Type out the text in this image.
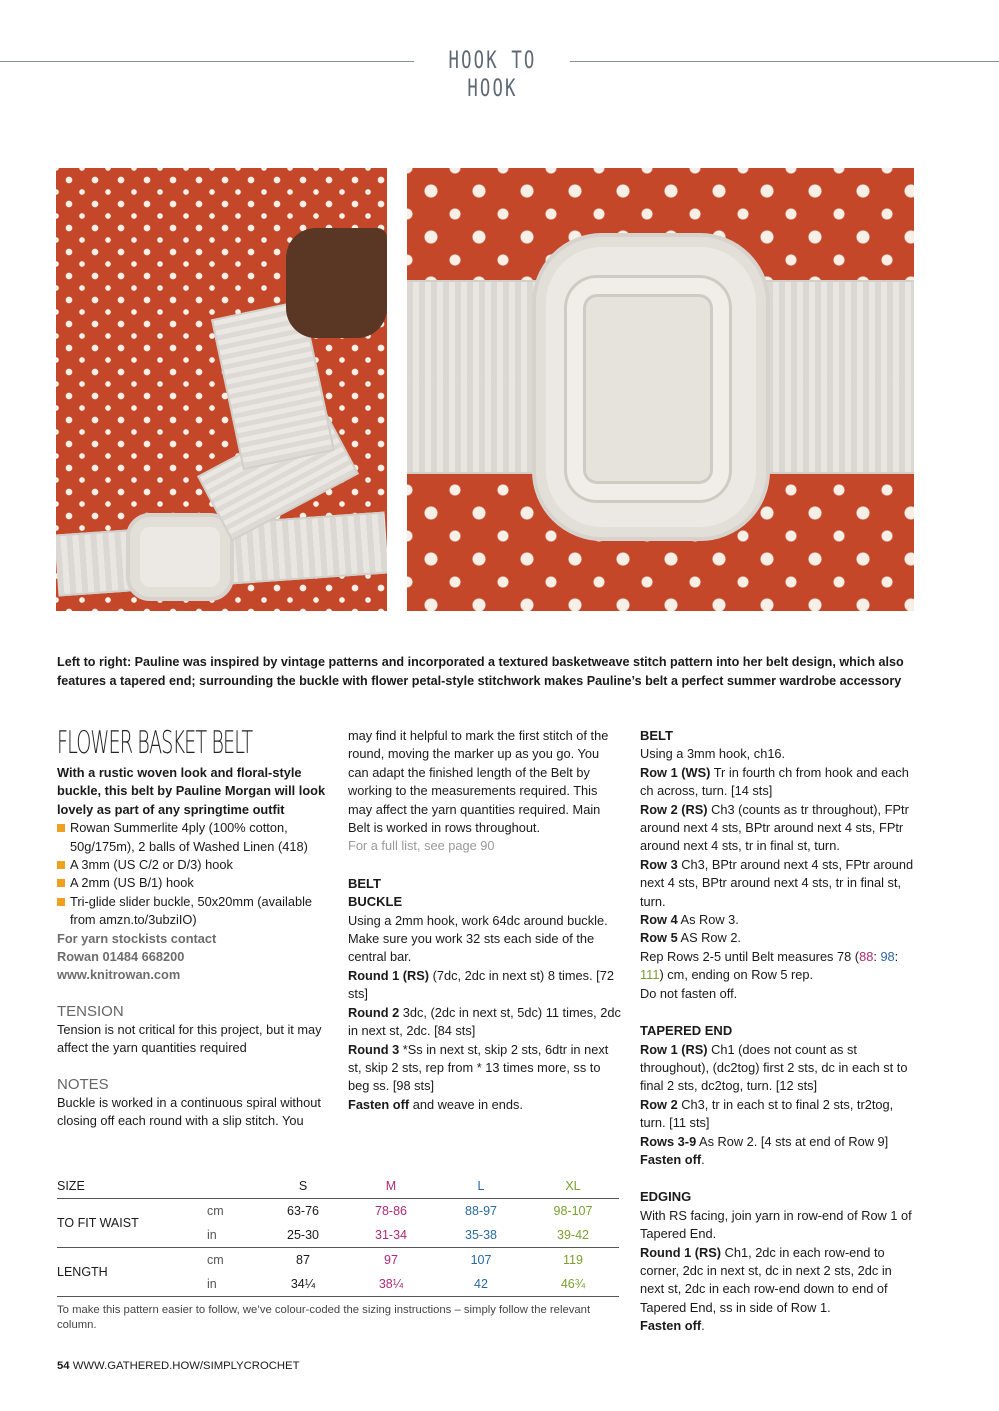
HOOK TO HOOK
Left to right: Pauline was inspired by vintage patterns and incorporated a textured basketweave stitch pattern into her belt design, which also features a tapered end; surrounding the buckle with flower petal-style stitchwork makes Pauline’s belt a perfect summer wardrobe accessory
FLOWER BASKET BELT
With a rustic woven look and floral-style buckle, this belt by Pauline Morgan will look lovely as part of any springtime outfit
Rowan Summerlite 4ply (100% cotton, 50g/175m), 2 balls of Washed Linen (418)
A 3mm (US C/2 or D/3) hook
A 2mm (US B/1) hook
Tri-glide slider buckle, 50x20mm (available from amzn.to/3ubziIO)
For yarn stockists contact
Rowan 01484 668200
www.knitrowan.com
TENSION
Tension is not critical for this project, but it may affect the yarn quantities required
NOTES
Buckle is worked in a continuous spiral without closing off each round with a slip stitch. You
may find it helpful to mark the first stitch of the round, moving the marker up as you go. You can adapt the finished length of the Belt by working to the measurements required. This may affect the yarn quantities required. Main Belt is worked in rows throughout.
For a full list, see page 90
BELT
BUCKLE
Using a 2mm hook, work 64dc around buckle. Make sure you work 32 sts each side of the central bar.
Round 1 (RS) (7dc, 2dc in next st) 8 times. [72 sts]
Round 2 3dc, (2dc in next st, 5dc) 11 times, 2dc in next st, 2dc. [84 sts]
Round 3 *Ss in next st, skip 2 sts, 6dtr in next st, skip 2 sts, rep from * 13 times more, ss to beg ss. [98 sts]
Fasten off and weave in ends.
BELT
Using a 3mm hook, ch16.
Row 1 (WS) Tr in fourth ch from hook and each ch across, turn. [14 sts]
Row 2 (RS) Ch3 (counts as tr throughout), FPtr around next 4 sts, BPtr around next 4 sts, FPtr around next 4 sts, tr in final st, turn.
Row 3 Ch3, BPtr around next 4 sts, FPtr around next 4 sts, BPtr around next 4 sts, tr in final st, turn.
Row 4 As Row 3.
Row 5 AS Row 2.
Rep Rows 2-5 until Belt measures 78 (88: 98: 111) cm, ending on Row 5 rep.
Do not fasten off.
TAPERED END
Row 1 (RS) Ch1 (does not count as st throughout), (dc2tog) first 2 sts, dc in each st to final 2 sts, dc2tog, turn. [12 sts]
Row 2 Ch3, tr in each st to final 2 sts, tr2tog, turn. [11 sts]
Rows 3-9 As Row 2. [4 sts at end of Row 9]
Fasten off.
EDGING
With RS facing, join yarn in row-end of Row 1 of Tapered End.
Round 1 (RS) Ch1, 2dc in each row-end to corner, 2dc in next st, dc in next 2 sts, 2dc in next st, 2dc in each row-end down to end of Tapered End, ss in side of Row 1.
Fasten off.
SIZE		S	M	L	XL
TO FIT WAIST	cm	63-76	78-86	88-97	98-107
	in	25-30	31-34	35-38	39-42
LENGTH	cm	87	97	107	119
	in	34¼	38¼	42	46¾
To make this pattern easier to follow, we’ve colour-coded the sizing instructions – simply follow the relevant column.
54 WWW.GATHERED.HOW/SIMPLYCROCHET
